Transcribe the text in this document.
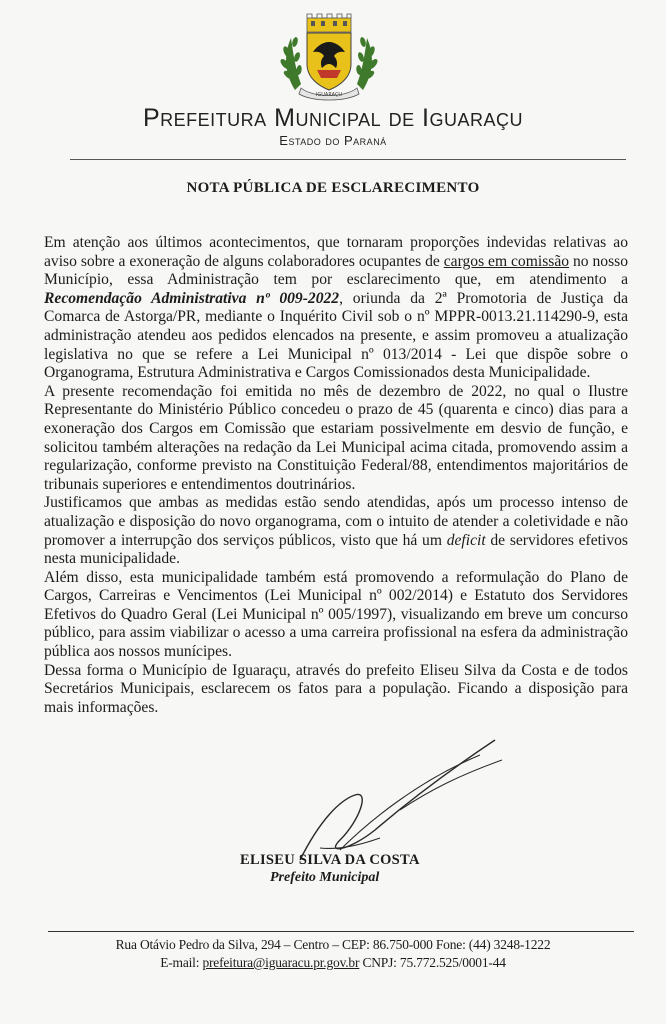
IGUARAÇU
Prefeitura Municipal de Iguaraçu
Estado do Paraná
NOTA PÚBLICA DE ESCLARECIMENTO

Em atenção aos últimos acontecimentos, que tornaram proporções indevidas relativas ao aviso sobre a exoneração de alguns colaboradores ocupantes de cargos em comissão no nosso Município, essa Administração tem por esclarecimento que, em atendimento a Recomendação Administrativa nº 009-2022, oriunda da 2ª Promotoria de Justiça da Comarca de Astorga/PR, mediante o Inquérito Civil sob o nº MPPR-0013.21.114290-9, esta administração atendeu aos pedidos elencados na presente, e assim promoveu a atualização legislativa no que se refere a Lei Municipal nº 013/2014 - Lei que dispõe sobre o Organograma, Estrutura Administrativa e Cargos Comissionados desta Municipalidade.

A presente recomendação foi emitida no mês de dezembro de 2022, no qual o Ilustre Representante do Ministério Público concedeu o prazo de 45 (quarenta e cinco) dias para a exoneração dos Cargos em Comissão que estariam possivelmente em desvio de função, e solicitou também alterações na redação da Lei Municipal acima citada, promovendo assim a regularização, conforme previsto na Constituição Federal/88, entendimentos majoritários de tribunais superiores e entendimentos doutrinários.

Justificamos que ambas as medidas estão sendo atendidas, após um processo intenso de atualização e disposição do novo organograma, com o intuito de atender a coletividade e não promover a interrupção dos serviços públicos, visto que há um deficit de servidores efetivos nesta municipalidade.

Além disso, esta municipalidade também está promovendo a reformulação do Plano de Cargos, Carreiras e Vencimentos (Lei Municipal nº 002/2014) e Estatuto dos Servidores Efetivos do Quadro Geral (Lei Municipal nº 005/1997), visualizando em breve um concurso público, para assim viabilizar o acesso a uma carreira profissional na esfera da administração pública aos nossos munícipes.

Dessa forma o Município de Iguaraçu, através do prefeito Eliseu Silva da Costa e de todos Secretários Municipais, esclarecem os fatos para a população. Ficando a disposição para mais informações.

ELISEU SILVA DA COSTA
Prefeito Municipal
Rua Otávio Pedro da Silva, 294 – Centro – CEP: 86.750-000 Fone: (44) 3248-1222
E-mail: prefeitura@iguaracu.pr.gov.br CNPJ: 75.772.525/0001-44
